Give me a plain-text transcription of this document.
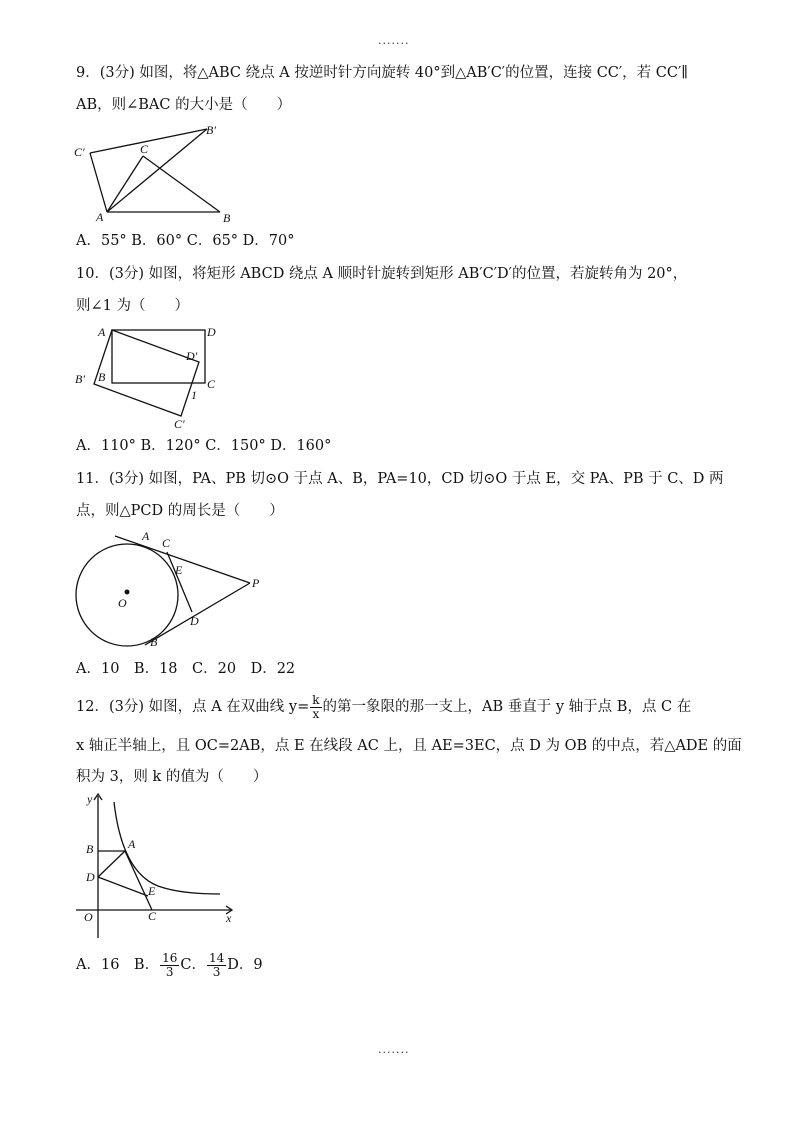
.......
9．(3分) 如图，将△ABC 绕点 A 按逆时针方向旋转 40°到△AB′C′的位置，连接 CC′，若 CC′∥
AB，则∠BAC 的大小是（　　）
C′	C
B′
A	B
A．55° B．60° C．65° D．70°
10．(3分) 如图，将矩形 ABCD 绕点 A 顺时针旋转到矩形 AB′C′D′的位置，若旋转角为 20°，
则∠1 为（　　）
A	D
D′
B′ B	C
1
C′
A．110° B．120° C．150° D．160°
11．(3分) 如图，PA、PB 切⊙O 于点 A、B，PA=10，CD 切⊙O 于点 E，交 PA、PB 于 C、D 两
点，则△PCD 的周长是（　　）
A C
E
O
P
D
B
A．10　B．18　C．20　D．22
12．(3分) 如图，点 A 在双曲线 $y= \frac{k}{x}$ 的第一象限的那一支上，AB 垂直于 y 轴于点 B，点 C 在
x 轴正半轴上，且 OC=2AB，点 E 在线段 AC 上，且 AE=3EC，点 D 为 OB 的中点，若△ADE 的面
积为 3，则 k 的值为（　　）
y
B	A
D
E
O	C	x
A．16　B． $\frac{16}{3}$ C． $\frac{14}{3}$ D．9
.......
